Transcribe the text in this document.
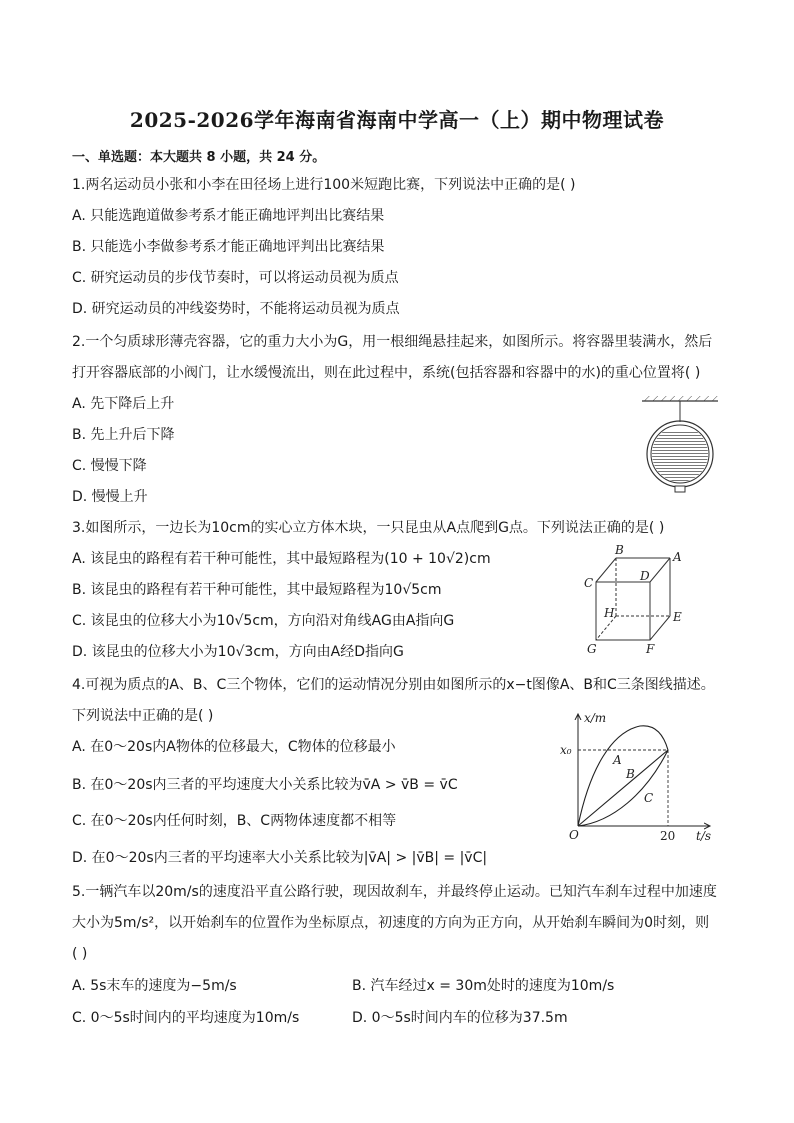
2025-2026学年海南省海南中学高一（上）期中物理试卷
一、单选题：本大题共 8 小题，共 24 分。
1.两名运动员小张和小李在田径场上进行100米短跑比赛，下列说法中正确的是( )
A. 只能选跑道做参考系才能正确地评判出比赛结果
B. 只能选小李做参考系才能正确地评判出比赛结果
C. 研究运动员的步伐节奏时，可以将运动员视为质点
D. 研究运动员的冲线姿势时，不能将运动员视为质点
2.一个匀质球形薄壳容器，它的重力大小为G，用一根细绳悬挂起来，如图所示。将容器里装满水，然后
打开容器底部的小阀门，让水缓慢流出，则在此过程中，系统(包括容器和容器中的水)的重心位置将( )
A. 先下降后上升
B. 先上升后下降
C. 慢慢下降
D. 慢慢上升
3.如图所示，一边长为10cm的实心立方体木块，一只昆虫从A点爬到G点。下列说法正确的是( )
A. 该昆虫的路程有若干种可能性，其中最短路程为(10 + 10√2)cm
B. 该昆虫的路程有若干种可能性，其中最短路程为10√5cm
C. 该昆虫的位移大小为10√5cm，方向沿对角线AG由A指向G
D. 该昆虫的位移大小为10√3cm，方向由A经D指向G
B	A
C	D
H	E
G	F
4.可视为质点的A、B、C三个物体，它们的运动情况分别由如图所示的x−t图像A、B和C三条图线描述。
下列说法中正确的是( )
A. 在0～20s内A物体的位移最大，C物体的位移最小
B. 在0～20s内三者的平均速度大小关系比较为v̄A > v̄B = v̄C
C. 在0～20s内任何时刻，B、C两物体速度都不相等
D. 在0～20s内三者的平均速率大小关系比较为|v̄A| > |v̄B| = |v̄C|
x/m
x₀
O	20 t/s
A
B
C
5.一辆汽车以20m/s的速度沿平直公路行驶，现因故刹车，并最终停止运动。已知汽车刹车过程中加速度
大小为5m/s²，以开始刹车的位置作为坐标原点，初速度的方向为正方向，从开始刹车瞬间为0时刻，则
( )
A. 5s末车的速度为−5m/s	B. 汽车经过x = 30m处时的速度为10m/s
C. 0～5s时间内的平均速度为10m/s	D. 0～5s时间内车的位移为37.5m
